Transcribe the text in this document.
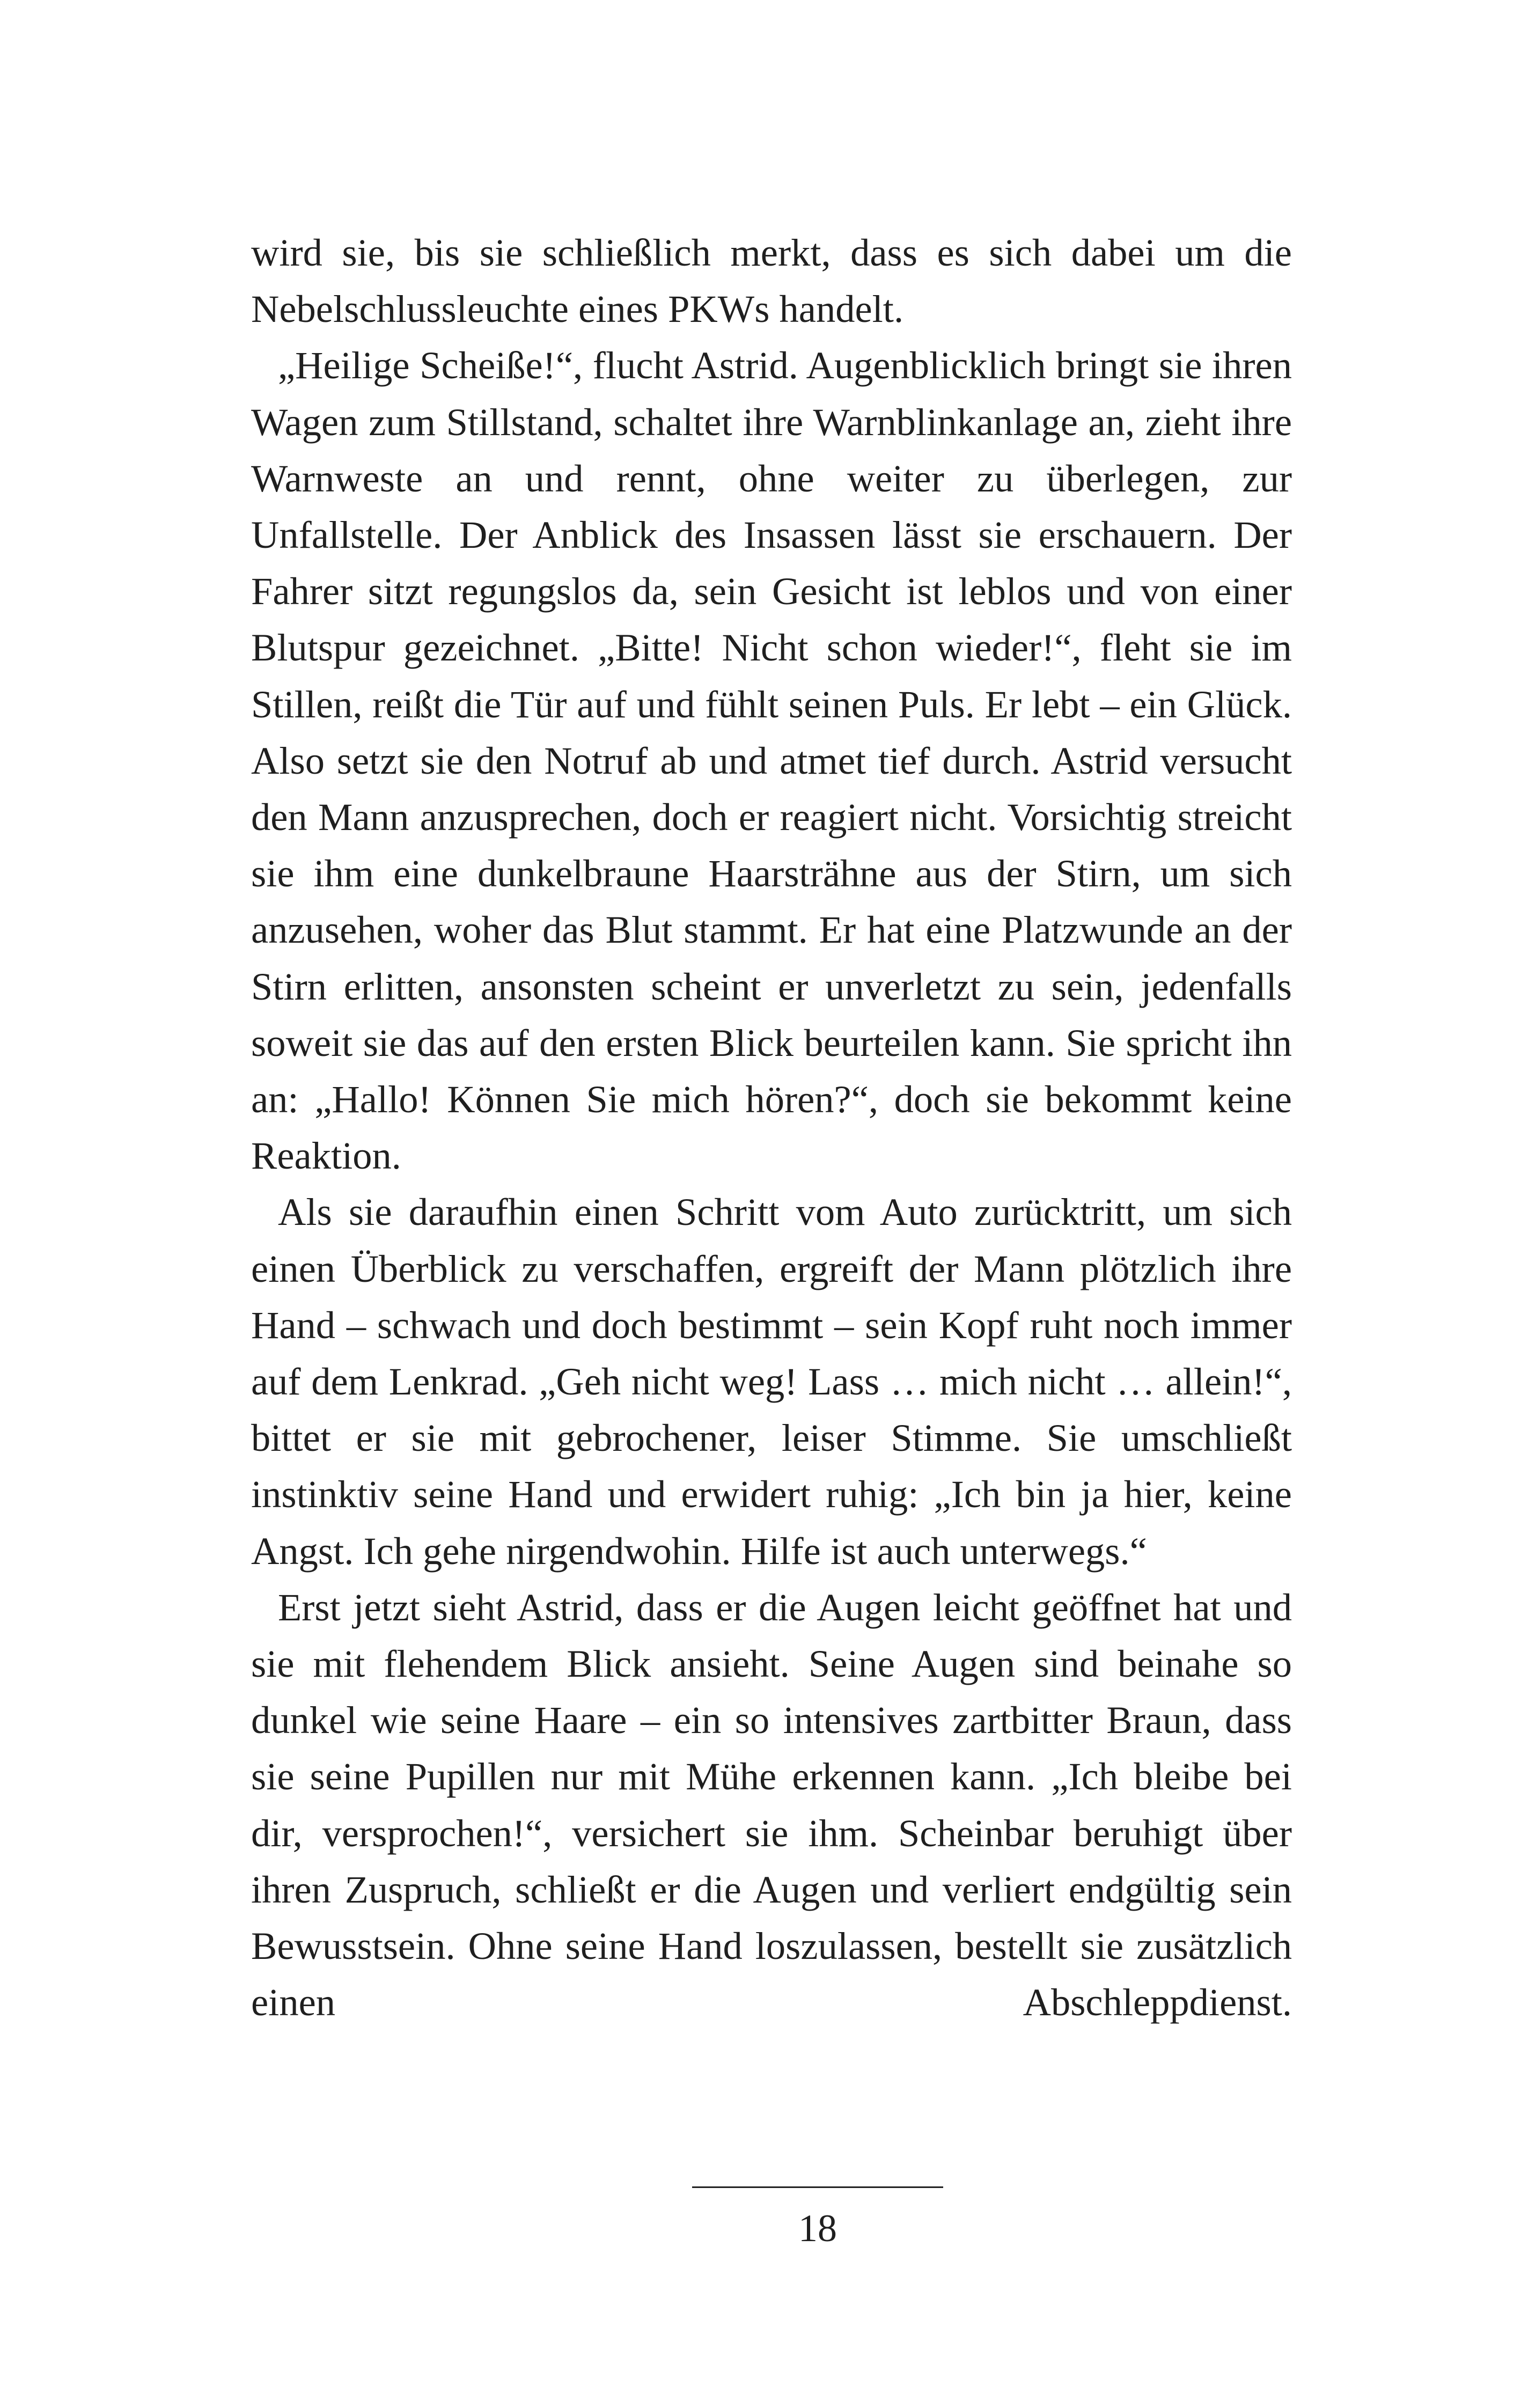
wird sie, bis sie schließlich merkt, dass es sich dabei um die Nebelschlussleuchte eines PKWs handelt.

„Heilige Scheiße!“, flucht Astrid. Augenblicklich bringt sie ihren Wagen zum Stillstand, schaltet ihre Warnblinkanlage an, zieht ihre Warnweste an und rennt, ohne weiter zu überlegen, zur Unfallstelle. Der Anblick des Insassen lässt sie erschauern. Der Fahrer sitzt regungslos da, sein Gesicht ist leblos und von einer Blutspur gezeichnet. „Bitte! Nicht schon wieder!“, fleht sie im Stillen, reißt die Tür auf und fühlt seinen Puls. Er lebt – ein Glück. Also setzt sie den Notruf ab und atmet tief durch. Astrid versucht den Mann anzusprechen, doch er reagiert nicht. Vorsichtig streicht sie ihm eine dunkelbraune Haarsträhne aus der Stirn, um sich anzusehen, woher das Blut stammt. Er hat eine Platzwunde an der Stirn erlitten, ansonsten scheint er unverletzt zu sein, jedenfalls soweit sie das auf den ersten Blick beurteilen kann. Sie spricht ihn an: „Hallo! Können Sie mich hören?“, doch sie bekommt keine Reaktion.

Als sie daraufhin einen Schritt vom Auto zurücktritt, um sich einen Überblick zu verschaffen, ergreift der Mann plötzlich ihre Hand – schwach und doch bestimmt – sein Kopf ruht noch immer auf dem Lenkrad. „Geh nicht weg! Lass … mich nicht … allein!“, bittet er sie mit gebrochener, leiser Stimme. Sie umschließt instinktiv seine Hand und erwidert ruhig: „Ich bin ja hier, keine Angst. Ich gehe nirgendwohin. Hilfe ist auch unterwegs.“

Erst jetzt sieht Astrid, dass er die Augen leicht geöffnet hat und sie mit flehendem Blick ansieht. Seine Augen sind beinahe so dunkel wie seine Haare – ein so intensives zartbitter Braun, dass sie seine Pupillen nur mit Mühe erkennen kann. „Ich bleibe bei dir, versprochen!“, versichert sie ihm. Scheinbar beruhigt über ihren Zuspruch, schließt er die Augen und verliert endgültig sein Bewusstsein. Ohne seine Hand loszulassen, bestellt sie zusätzlich einen Abschleppdienst.

18
